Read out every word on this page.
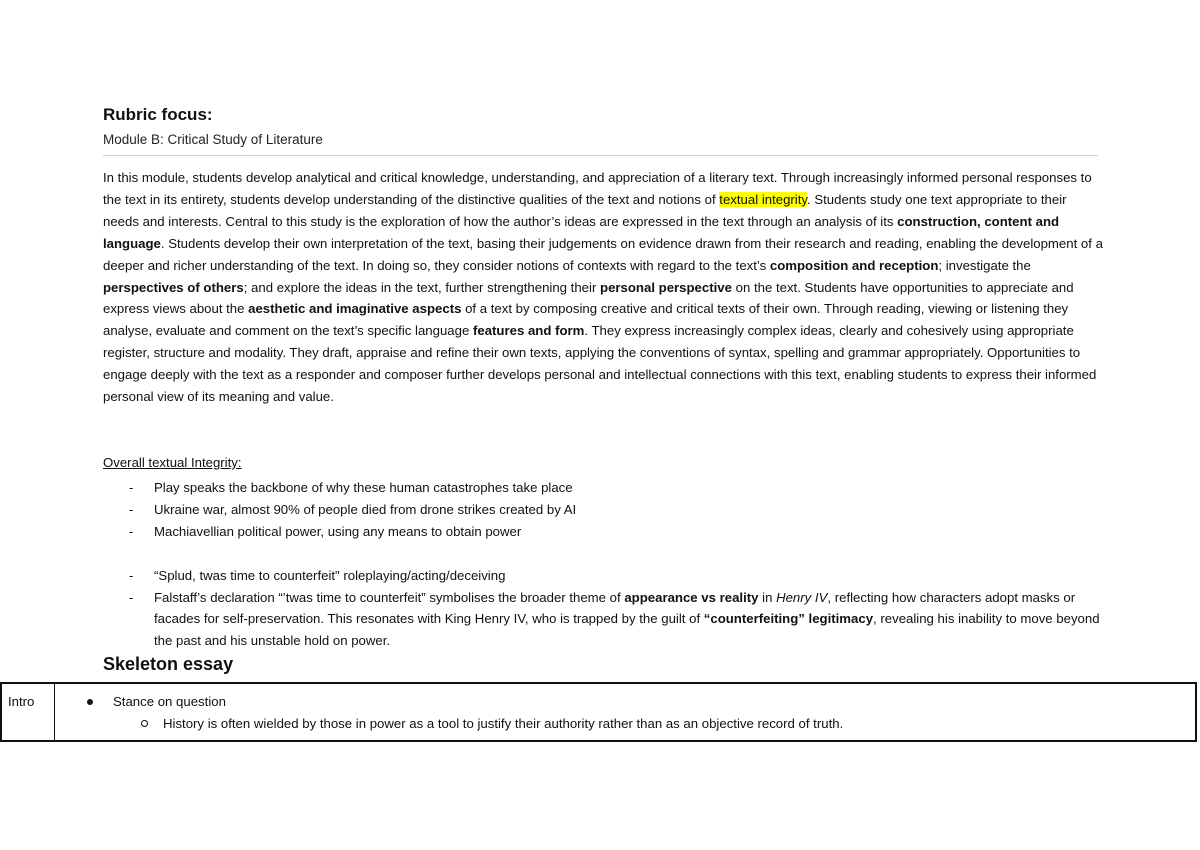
Rubric focus:

Module B: Critical Study of Literature

In this module, students develop analytical and critical knowledge, understanding, and appreciation of a literary text. Through increasingly informed personal responses to the text in its entirety, students develop understanding of the distinctive qualities of the text and notions of textual integrity. Students study one text appropriate to their needs and interests. Central to this study is the exploration of how the author’s ideas are expressed in the text through an analysis of its construction, content and language. Students develop their own interpretation of the text, basing their judgements on evidence drawn from their research and reading, enabling the development of a deeper and richer understanding of the text. In doing so, they consider notions of contexts with regard to the text’s composition and reception; investigate the perspectives of others; and explore the ideas in the text, further strengthening their personal perspective on the text. Students have opportunities to appreciate and express views about the aesthetic and imaginative aspects of a text by composing creative and critical texts of their own. Through reading, viewing or listening they analyse, evaluate and comment on the text’s specific language features and form. They express increasingly complex ideas, clearly and cohesively using appropriate register, structure and modality. They draft, appraise and refine their own texts, applying the conventions of syntax, spelling and grammar appropriately. Opportunities to engage deeply with the text as a responder and composer further develops personal and intellectual connections with this text, enabling students to express their informed personal view of its meaning and value.

Overall textual Integrity:

- Play speaks the backbone of why these human catastrophes take place
- Ukraine war, almost 90% of people died from drone strikes created by AI
- Machiavellian political power, using any means to obtain power
- “Splud, twas time to counterfeit" roleplaying/acting/deceiving
- Falstaff’s declaration “’twas time to counterfeit” symbolises the broader theme of appearance vs reality in Henry IV, reflecting how characters adopt masks or facades for self-preservation. This resonates with King Henry IV, who is trapped by the guilt of “counterfeiting” legitimacy, revealing his inability to move beyond the past and his unstable hold on power.
Skeleton essay
Intro	Stance on question
History is often wielded by those in power as a tool to justify their authority rather than as an objective record of truth.
